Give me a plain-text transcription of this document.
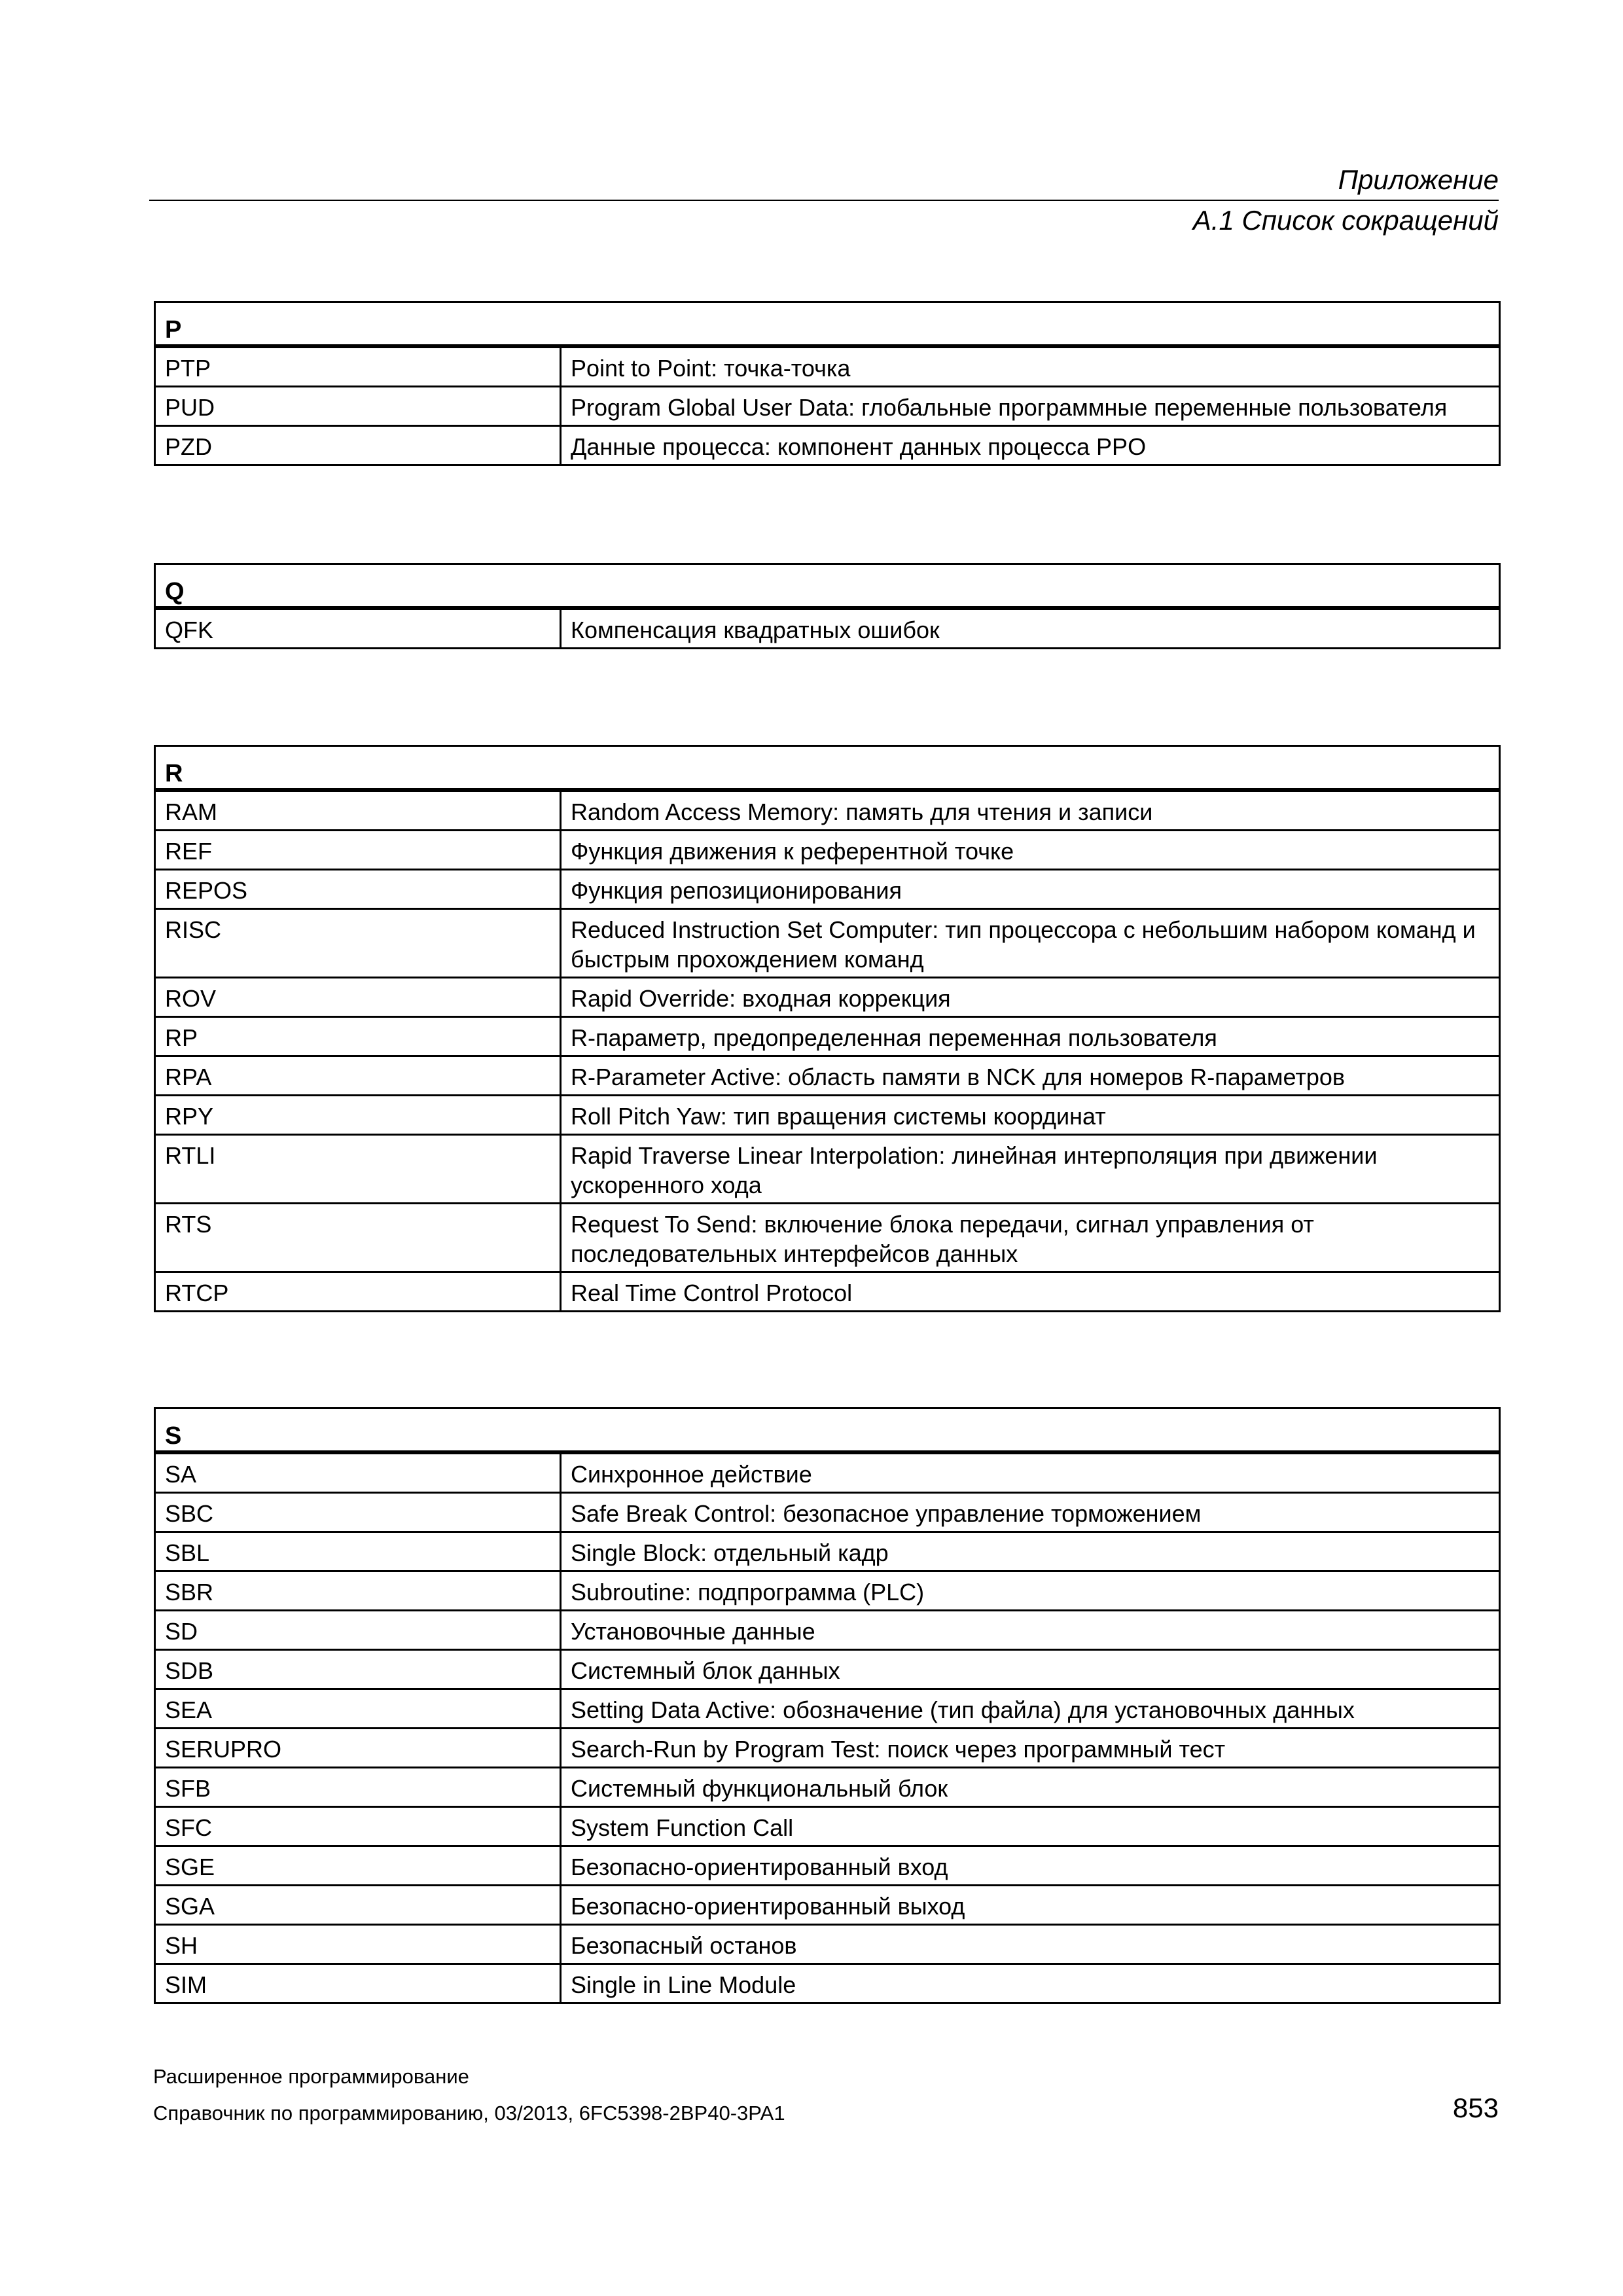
Приложение
A.1 Список сокращений
P	
PTP	Point to Point: точка-точка
PUD	Program Global User Data: глобальные программные переменные пользователя
PZD	Данные процесса: компонент данных процесса PPO
Q
QFK	Компенсация квадратных ошибок
R	
RAM	Random Access Memory: память для чтения и записи
REF	Функция движения к референтной точке
REPOS	Функция репозиционирования
RISC	Reduced Instruction Set Computer: тип процессора с небольшим набором команд и быстрым прохождением команд
ROV	Rapid Override: входная коррекция
RP	R-параметр, предопределенная переменная пользователя
RPA	R-Parameter Active: область памяти в NCK для номеров R-параметров
RPY	Roll Pitch Yaw: тип вращения системы координат
RTLI	Rapid Traverse Linear Interpolation: линейная интерполяция при движении ускоренного хода
RTS	Request To Send: включение блока передачи, сигнал управления от последовательных интерфейсов данных
RTCP	Real Time Control Protocol
S	
SA	Синхронное действие
SBC	Safe Break Control: безопасное управление торможением
SBL	Single Block: отдельный кадр
SBR	Subroutine: подпрограмма (PLC)
SD	Установочные данные
SDB	Системный блок данных
SEA	Setting Data Active: обозначение (тип файла) для установочных данных
SERUPRO	Search-Run by Program Test: поиск через программный тест
SFB	Системный функциональный блок
SFC	System Function Call
SGE	Безопасно-ориентированный вход
SGA	Безопасно-ориентированный выход
SH	Безопасный останов
SIM	Single in Line Module
Расширенное программирование
Справочник по программированию, 03/2013, 6FC5398-2BP40-3PA1	853
